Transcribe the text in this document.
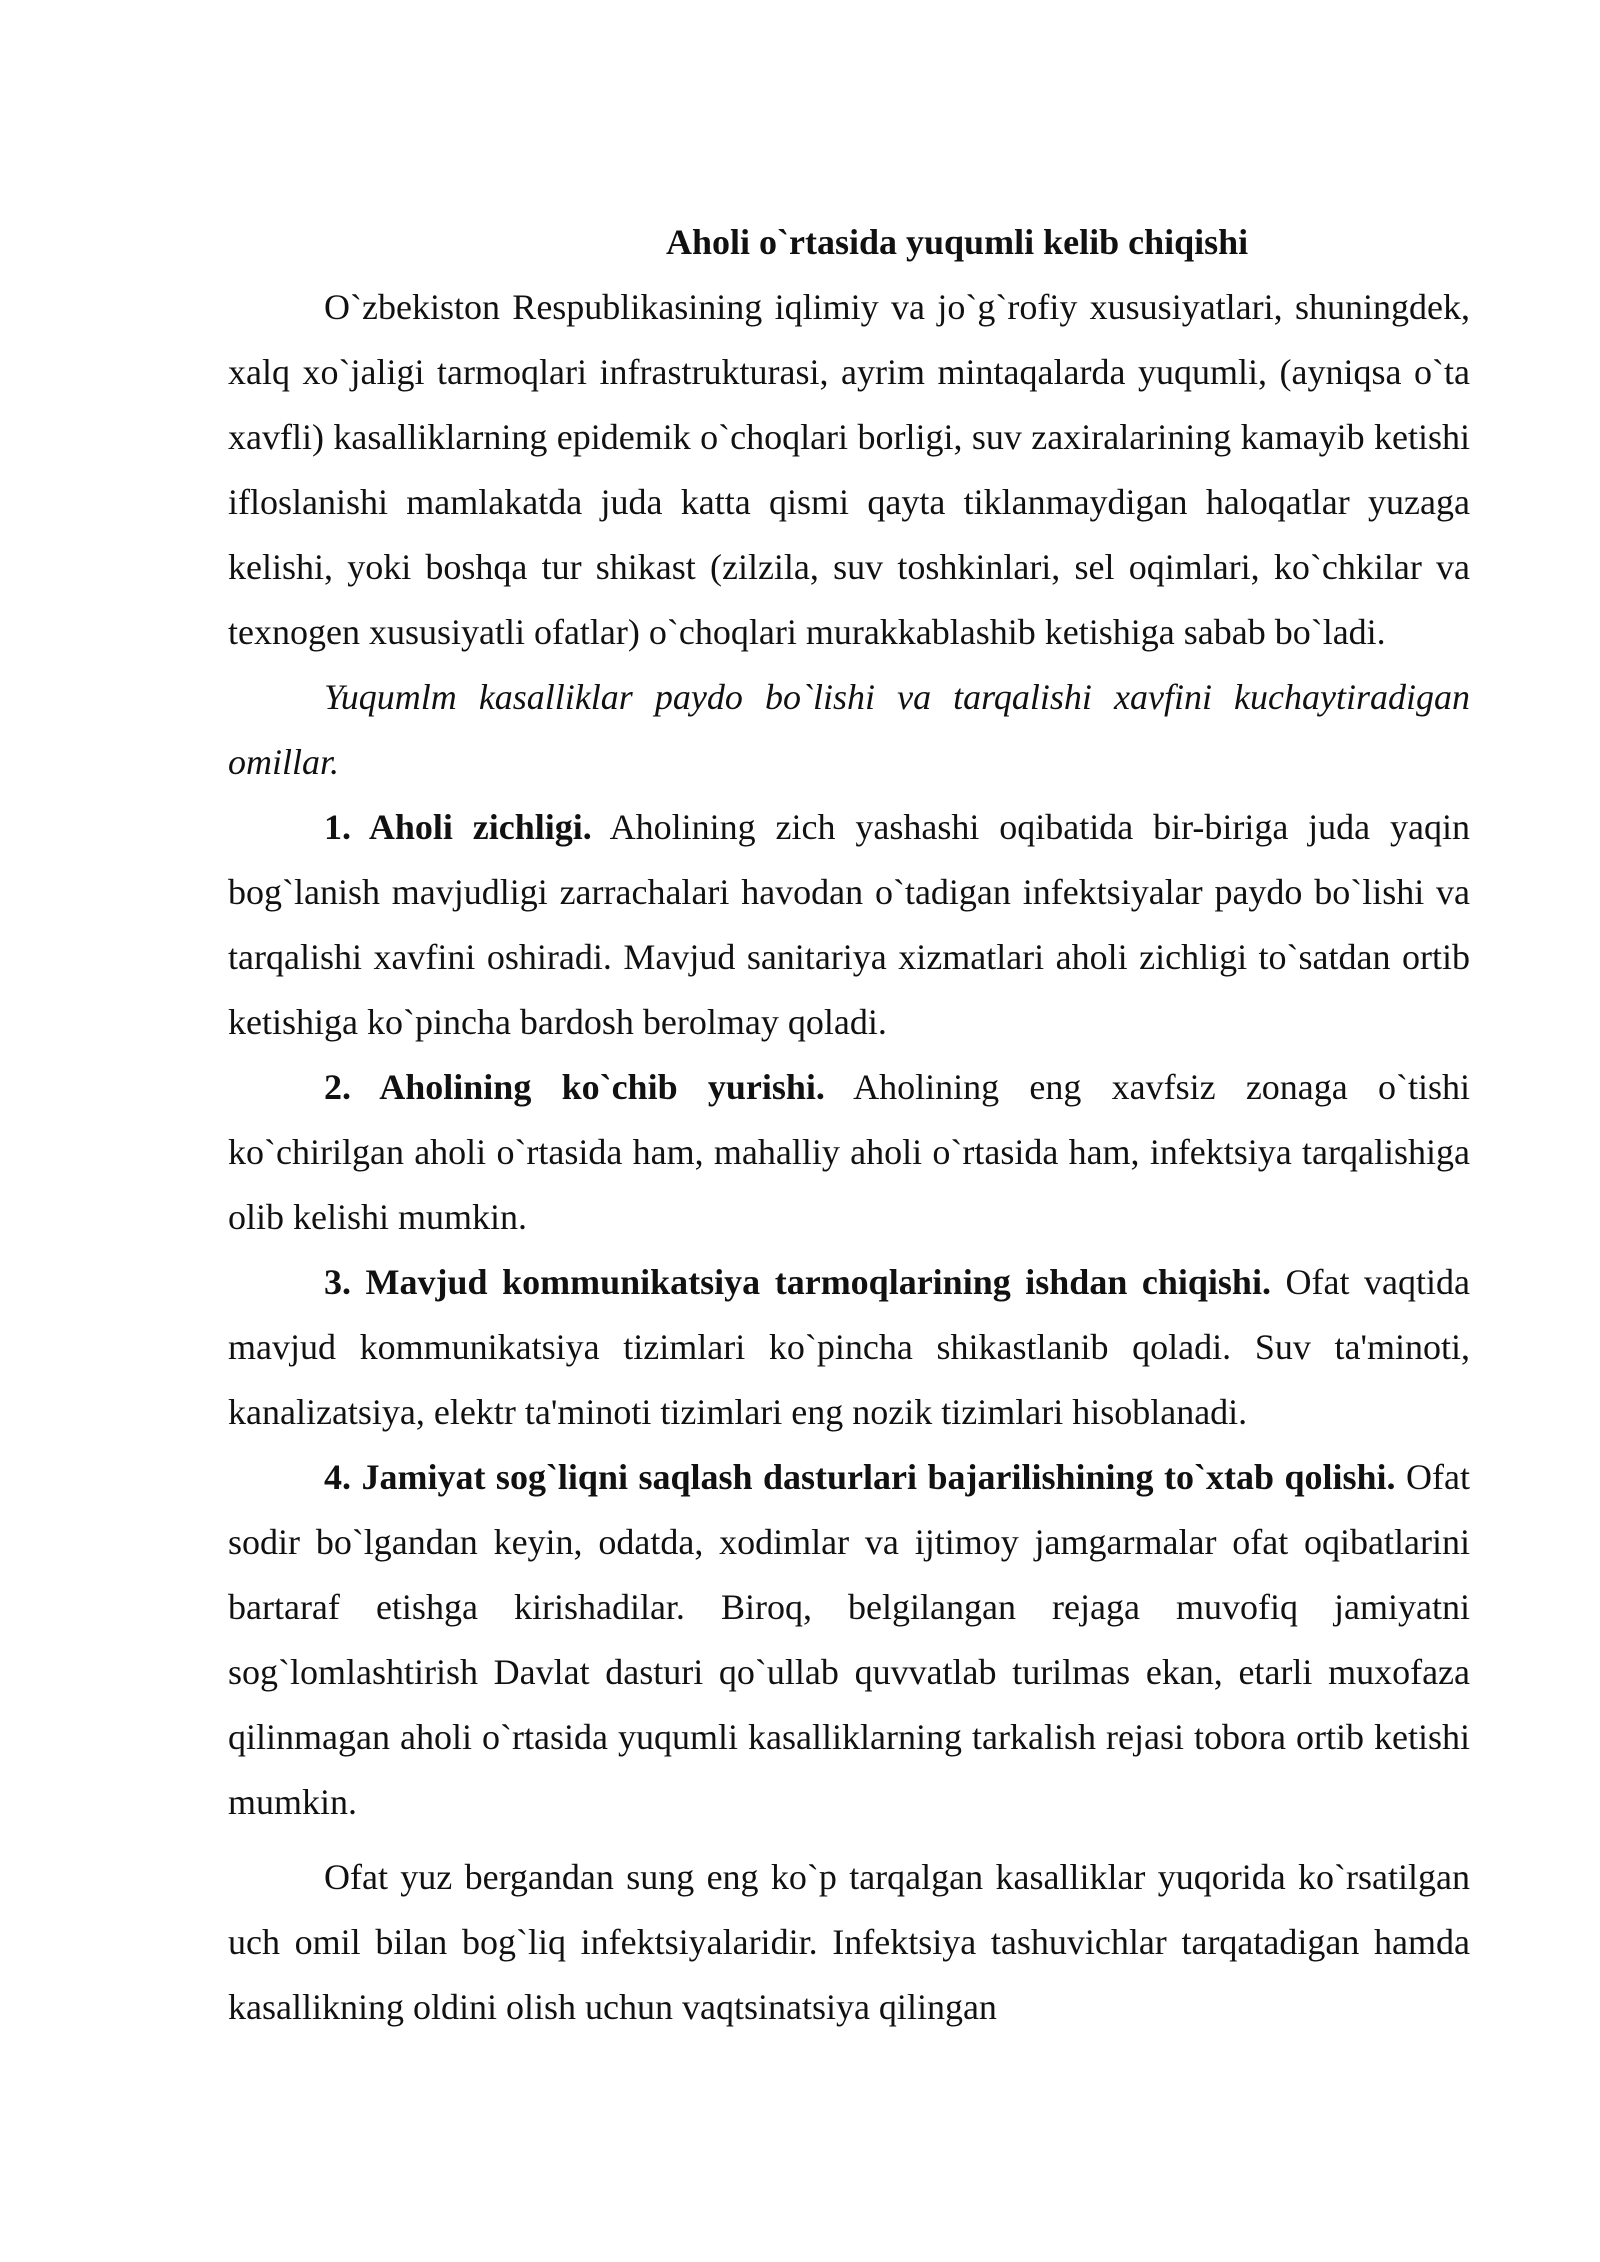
Aholi o`rtasida yuqumli kelib chiqishi

O`zbekiston Respublikasining iqlimiy va jo`g`rofiy xususiyatlari, shuningdek, xalq xo`jaligi tarmoqlari infrastrukturasi, ayrim mintaqalarda yuqumli, (ayniqsa o`ta xavfli) kasalliklarning epidemik o`choqlari borligi, suv zaxiralarining kamayib ketishi ifloslanishi mamlakatda juda katta qismi qayta tiklanmaydigan haloqatlar yuzaga kelishi, yoki boshqa tur shikast (zilzila, suv toshkinlari, sel oqimlari, ko`chkilar va texnogen xususiyatli ofatlar) o`choqlari murakkablashib ketishiga sabab bo`ladi.

Yuqumlm kasalliklar paydo bo`lishi va tarqalishi xavfini kuchaytiradigan omillar.

1. Aholi zichligi. Aholining zich yashashi oqibatida bir-biriga juda yaqin bog`lanish mavjudligi zarrachalari havodan o`tadigan infektsiyalar paydo bo`lishi va tarqalishi xavfini oshiradi. Mavjud sanitariya xizmatlari aholi zichligi to`satdan ortib ketishiga ko`pincha bardosh berolmay qoladi.

2. Aholining ko`chib yurishi. Aholining eng xavfsiz zonaga o`tishi ko`chirilgan aholi o`rtasida ham, mahalliy aholi o`rtasida ham, infektsiya tarqalishiga olib kelishi mumkin.

3. Mavjud kommunikatsiya tarmoqlarining ishdan chiqishi. Ofat vaqtida mavjud kommunikatsiya tizimlari ko`pincha shikastlanib qoladi. Suv ta'minoti, kanalizatsiya, elektr ta'minoti tizimlari eng nozik tizimlari hisoblanadi.

4. Jamiyat sog`liqni saqlash dasturlari bajarilishining to`xtab qolishi. Ofat sodir bo`lgandan keyin, odatda, xodimlar va ijtimoy jamgarmalar ofat oqibatlarini bartaraf etishga kirishadilar. Biroq, belgilangan rejaga muvofiq jamiyatni sog`lomlashtirish Davlat dasturi qo`ullab quvvatlab turilmas ekan, etarli muxofaza qilinmagan aholi o`rtasida yuqumli kasalliklarning tarkalish rejasi tobora ortib ketishi mumkin.

Ofat yuz bergandan sung eng ko`p tarqalgan kasalliklar yuqorida ko`rsatilgan uch omil bilan bog`liq infektsiyalaridir. Infektsiya tashuvichlar tarqatadigan hamda kasallikning oldini olish uchun vaqtsinatsiya qilingan
